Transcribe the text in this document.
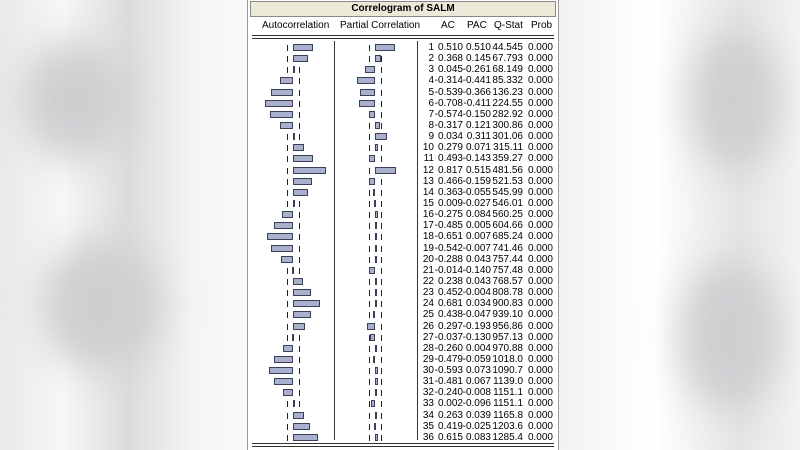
Correlogram of SALM
Autocorrelation Partial Correlation AC PAC Q-Stat Prob
1 0.510 0.510 44.545 0.000
2 0.368 0.145 67.793 0.000
3 0.045 -0.261 68.149 0.000
4 -0.314 -0.441 85.332 0.000
5 -0.539 -0.366 136.23 0.000
6 -0.708 -0.411 224.55 0.000
7 -0.574 -0.150 282.92 0.000
8 -0.317 0.121 300.86 0.000
9 0.034 0.311 301.06 0.000
10 0.279 0.071 315.11 0.000
11 0.493 -0.143 359.27 0.000
12 0.817 0.515 481.56 0.000
13 0.466 -0.159 521.53 0.000
14 0.363 -0.055 545.99 0.000
15 0.009 -0.027 546.01 0.000
16 -0.275 0.084 560.25 0.000
17 -0.485 0.005 604.66 0.000
18 -0.651 0.007 685.24 0.000
19 -0.542 -0.007 741.46 0.000
20 -0.288 0.043 757.44 0.000
21 -0.014 -0.140 757.48 0.000
22 0.238 0.043 768.57 0.000
23 0.452 -0.004 808.78 0.000
24 0.681 0.034 900.83 0.000
25 0.438 -0.047 939.10 0.000
26 0.297 -0.193 956.86 0.000
27 -0.037 -0.130 957.13 0.000
28 -0.260 0.004 970.88 0.000
29 -0.479 -0.059 1018.0 0.000
30 -0.593 0.073 1090.7 0.000
31 -0.481 0.067 1139.0 0.000
32 -0.240 -0.008 1151.1 0.000
33 0.002 -0.096 1151.1 0.000
34 0.263 0.039 1165.8 0.000
35 0.419 -0.025 1203.6 0.000
36 0.615 0.083 1285.4 0.000
